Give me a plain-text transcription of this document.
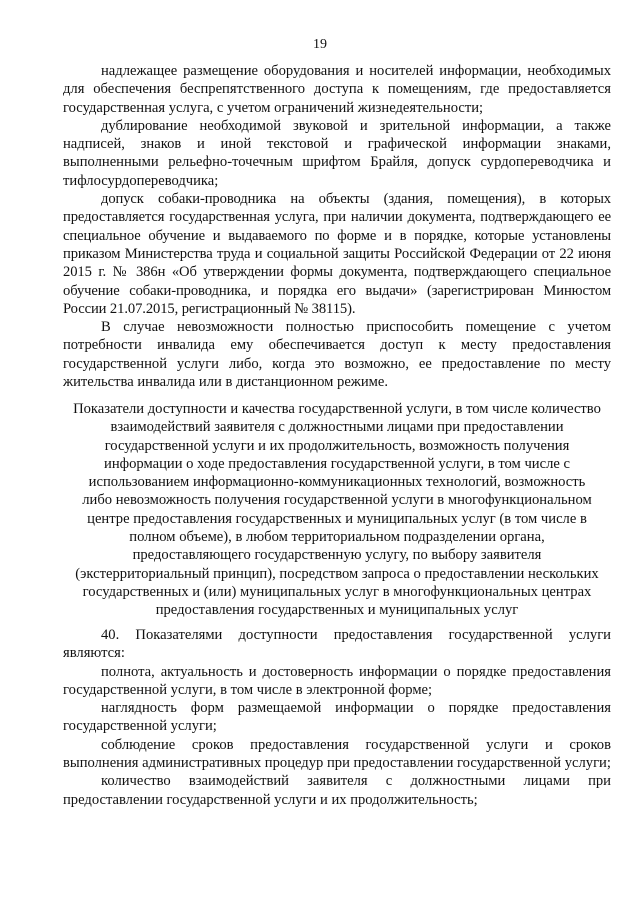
19

надлежащее размещение оборудования и носителей информации, необходимых для обеспечения беспрепятственного доступа к помещениям, где предоставляется государственная услуга, с учетом ограничений жизнедеятельности;

дублирование необходимой звуковой и зрительной информации, а также надписей, знаков и иной текстовой и графической информации знаками, выполненными рельефно-точечным шрифтом Брайля, допуск сурдопереводчика и тифлосурдопереводчика;

допуск собаки-проводника на объекты (здания, помещения), в которых предоставляется государственная услуга, при наличии документа, подтверждающего ее специальное обучение и выдаваемого по форме и в порядке, которые установлены приказом Министерства труда и социальной защиты Российской Федерации от 22 июня 2015 г. № 386н «Об утверждении формы документа, подтверждающего специальное обучение собаки-проводника, и порядка его выдачи» (зарегистрирован Минюстом России 21.07.2015, регистрационный № 38115).

В случае невозможности полностью приспособить помещение с учетом потребности инвалида ему обеспечивается доступ к месту предоставления государственной услуги либо, когда это возможно, ее предоставление по месту жительства инвалида или в дистанционном режиме.

Показатели доступности и качества государственной услуги, в том числе количество
взаимодействий заявителя с должностными лицами при предоставлении
государственной услуги и их продолжительность, возможность получения
информации о ходе предоставления государственной услуги, в том числе с
использованием информационно-коммуникационных технологий, возможность
либо невозможность получения государственной услуги в многофункциональном
центре предоставления государственных и муниципальных услуг (в том числе в
полном объеме), в любом территориальном подразделении органа,
предоставляющего государственную услугу, по выбору заявителя
(экстерриториальный принцип), посредством запроса о предоставлении нескольких
государственных и (или) муниципальных услуг в многофункциональных центрах
предоставления государственных и муниципальных услуг

40. Показателями доступности предоставления государственной услуги являются:

полнота, актуальность и достоверность информации о порядке предоставления государственной услуги, в том числе в электронной форме;

наглядность форм размещаемой информации о порядке предоставления государственной услуги;

соблюдение сроков предоставления государственной услуги и сроков выполнения административных процедур при предоставлении государственной услуги;

количество взаимодействий заявителя с должностными лицами при предоставлении государственной услуги и их продолжительность;
